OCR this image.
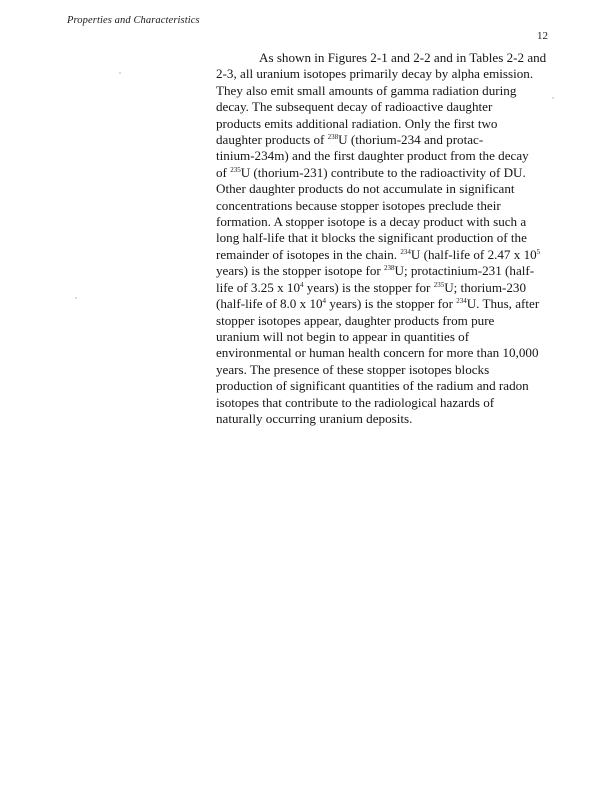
Properties and Characteristics
12
As shown in Figures 2-1 and 2-2 and in Tables 2-2 and
2-3, all uranium isotopes primarily decay by alpha emission.
They also emit small amounts of gamma radiation during
decay. The subsequent decay of radioactive daughter
products emits additional radiation. Only the first two
daughter products of $^{238}$U (thorium-234 and protac-
tinium-234m) and the first daughter product from the decay
of $^{235}$U (thorium-231) contribute to the radioactivity of DU.
Other daughter products do not accumulate in significant
concentrations because stopper isotopes preclude their
formation. A stopper isotope is a decay product with such a
long half-life that it blocks the significant production of the
remainder of isotopes in the chain. $^{234}$U (half-life of 2.47 x $10^5$
years) is the stopper isotope for $^{238}$U; protactinium-231 (half-
life of 3.25 x $10^4$ years) is the stopper for $^{235}$U; thorium-230
(half-life of 8.0 x $10^4$ years) is the stopper for $^{234}$U. Thus, after
stopper isotopes appear, daughter products from pure
uranium will not begin to appear in quantities of
environmental or human health concern for more than 10,000
years. The presence of these stopper isotopes blocks
production of significant quantities of the radium and radon
isotopes that contribute to the radiological hazards of
naturally occurring uranium deposits.
